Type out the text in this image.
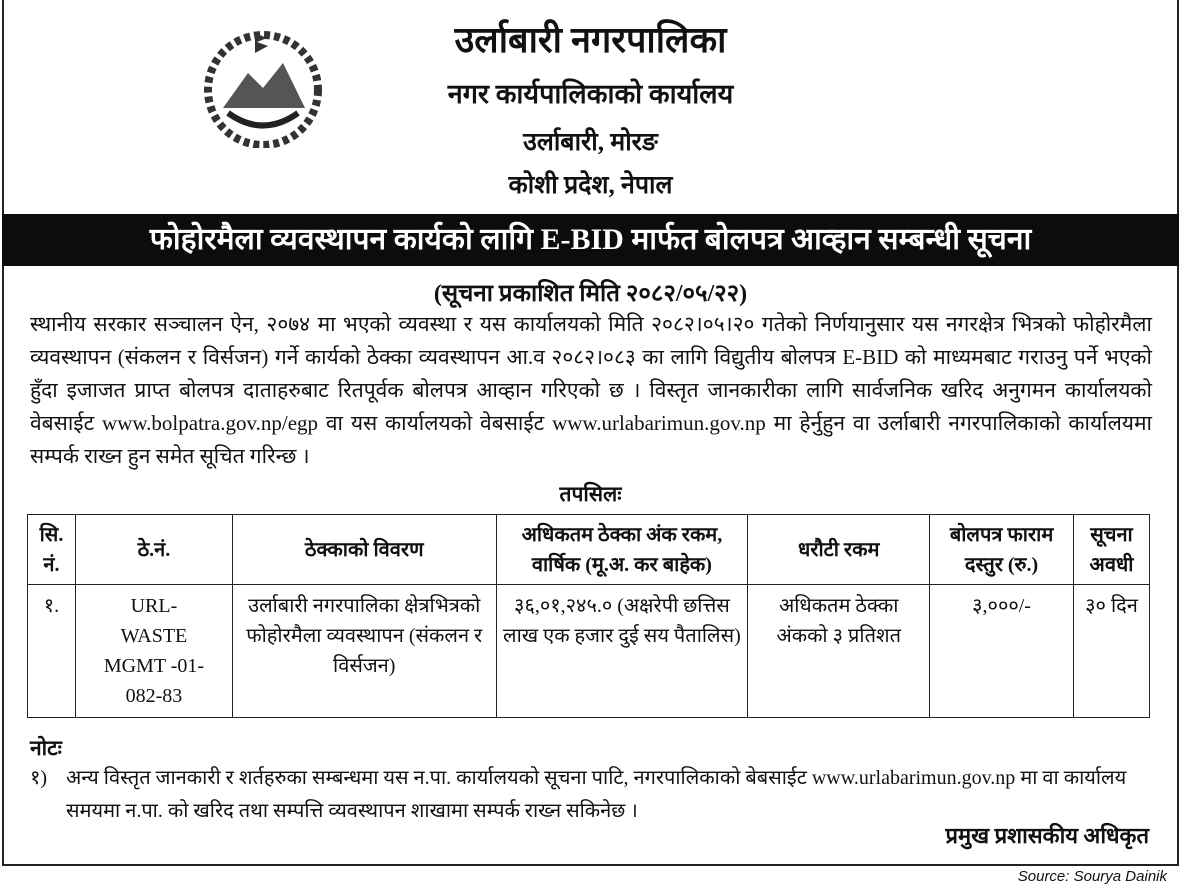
उर्लाबारी नगरपालिका
नगर कार्यपालिकाको कार्यालय
उर्लाबारी, मोरङ
कोशी प्रदेश, नेपाल
फोहोरमैला व्यवस्थापन कार्यको लागि E-BID मार्फत बोलपत्र आव्हान सम्बन्धी सूचना
(सूचना प्रकाशित मिति २०८२/०५/२२)
स्थानीय सरकार सञ्चालन ऐन, २०७४ मा भएको व्यवस्था र यस कार्यालयको मिति २०८२।०५।२० गतेको निर्णयानुसार यस नगरक्षेत्र भित्रको फोहोरमैला व्यवस्थापन (संकलन र विर्सजन) गर्ने कार्यको ठेक्का व्यवस्थापन आ.व २०८२।०८३ का लागि विद्युतीय बोलपत्र E-BID को माध्यमबाट गराउनु पर्ने भएको हुँदा इजाजत प्राप्त बोलपत्र दाताहरुबाट रितपूर्वक बोलपत्र आव्हान गरिएको छ । विस्तृत जानकारीका लागि सार्वजनिक खरिद अनुगमन कार्यालयको वेबसाईट www.bolpatra.gov.np/egp वा यस कार्यालयको वेबसाईट www.urlabarimun.gov.np मा हेर्नुहुन वा उर्लाबारी नगरपालिकाको कार्यालयमा सम्पर्क राख्न हुन समेत सूचित गरिन्छ ।
तपसिलः
सि. नं.	ठे.नं.	ठेक्काको विवरण	अधिकतम ठेक्का अंक रकम, वार्षिक (मू.अ. कर बाहेक)	धरौटी रकम	बोलपत्र फाराम दस्तुर (रु.)	सूचना अवधी
१.	URL-WASTE MGMT -01-082-83	उर्लाबारी नगरपालिका क्षेत्रभित्रको फोहोरमैला व्यवस्थापन (संकलन र विर्सजन)	३६,०१,२४५.० (अक्षरेपी छत्तिस लाख एक हजार दुई सय पैतालिस)	अधिकतम ठेक्का अंकको ३ प्रतिशत	३,०००/-	३० दिन
नोटः
१) अन्य विस्तृत जानकारी र शर्तहरुका सम्बन्धमा यस न.पा. कार्यालयको सूचना पाटि, नगरपालिकाको बेबसाईट www.urlabarimun.gov.np मा वा कार्यालय समयमा न.पा. को खरिद तथा सम्पत्ति व्यवस्थापन शाखामा सम्पर्क राख्न सकिनेछ ।
प्रमुख प्रशासकीय अधिकृत
Source: Sourya Dainik
